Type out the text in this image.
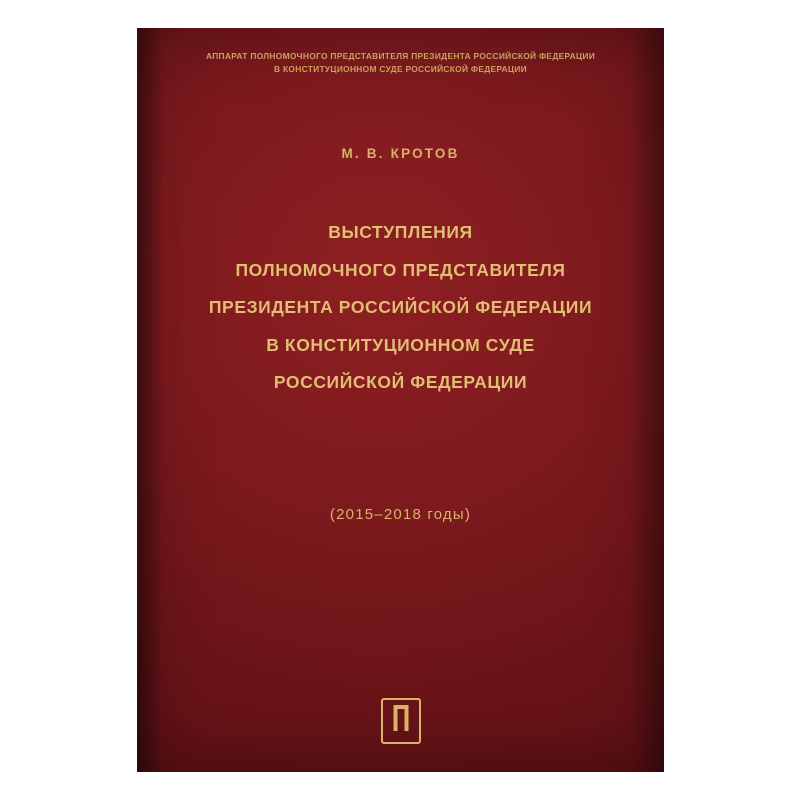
АППАРАТ ПОЛНОМОЧНОГО ПРЕДСТАВИТЕЛЯ ПРЕЗИДЕНТА РОССИЙСКОЙ ФЕДЕРАЦИИ
В КОНСТИТУЦИОННОМ СУДЕ РОССИЙСКОЙ ФЕДЕРАЦИИ
М. В. КРОТОВ
ВЫСТУПЛЕНИЯ
ПОЛНОМОЧНОГО ПРЕДСТАВИТЕЛЯ
ПРЕЗИДЕНТА РОССИЙСКОЙ ФЕДЕРАЦИИ
В КОНСТИТУЦИОННОМ СУДЕ
РОССИЙСКОЙ ФЕДЕРАЦИИ
(2015–2018 годы)
